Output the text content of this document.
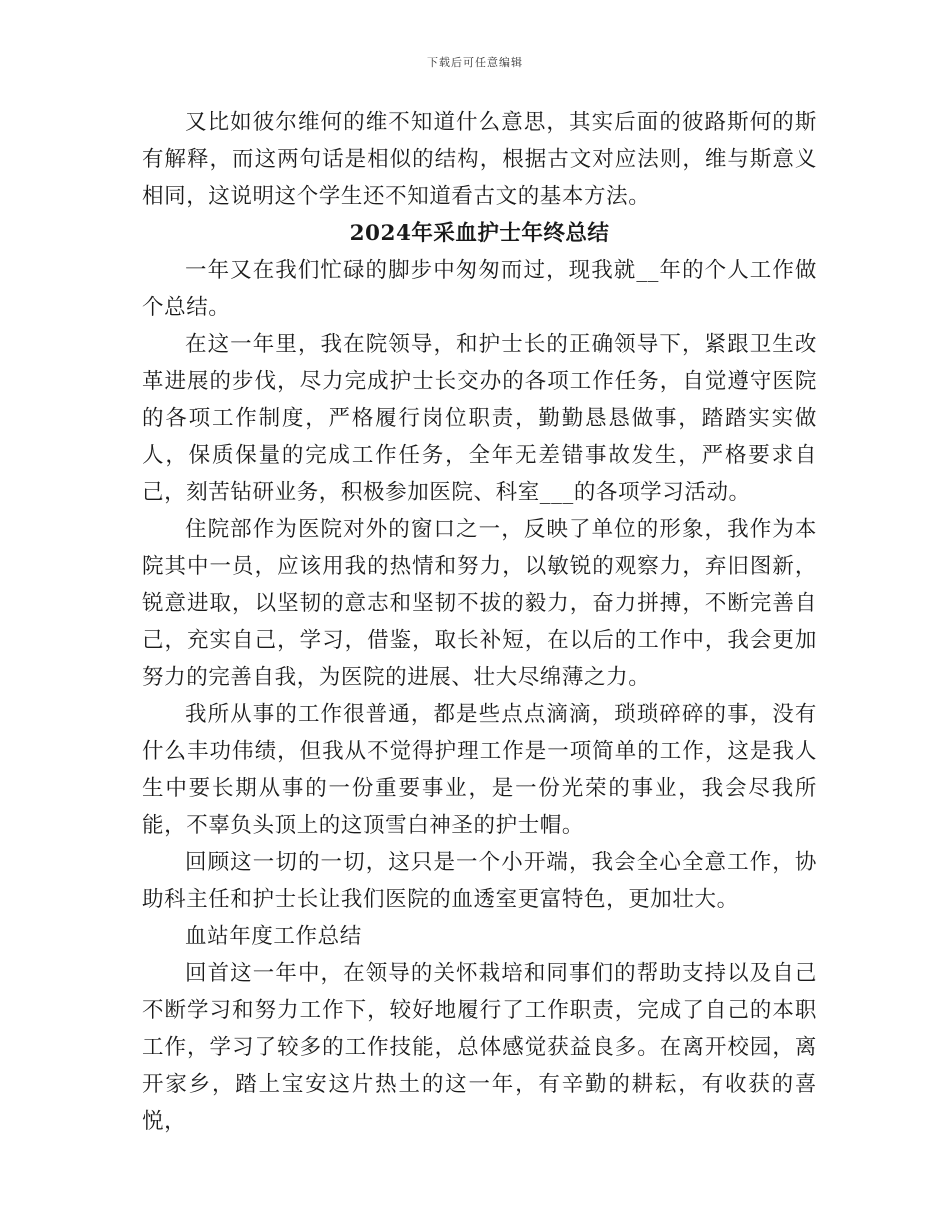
下载后可任意编辑

又比如彼尔维何的维不知道什么意思，其实后面的彼路斯何的斯有解释，而这两句话是相似的结构，根据古文对应法则，维与斯意义相同，这说明这个学生还不知道看古文的基本方法。

2024年采血护士年终总结

一年又在我们忙碌的脚步中匆匆而过，现我就__年的个人工作做个总结。

在这一年里，我在院领导，和护士长的正确领导下，紧跟卫生改革进展的步伐，尽力完成护士长交办的各项工作任务，自觉遵守医院的各项工作制度，严格履行岗位职责，勤勤恳恳做事，踏踏实实做人，保质保量的完成工作任务，全年无差错事故发生，严格要求自己，刻苦钻研业务，积极参加医院、科室___的各项学习活动。

住院部作为医院对外的窗口之一，反映了单位的形象，我作为本院其中一员，应该用我的热情和努力，以敏锐的观察力，弃旧图新，锐意进取，以坚韧的意志和坚韧不拔的毅力，奋力拼搏，不断完善自己，充实自己，学习，借鉴，取长补短，在以后的工作中，我会更加努力的完善自我，为医院的进展、壮大尽绵薄之力。

我所从事的工作很普通，都是些点点滴滴，琐琐碎碎的事，没有什么丰功伟绩，但我从不觉得护理工作是一项简单的工作，这是我人生中要长期从事的一份重要事业，是一份光荣的事业，我会尽我所能，不辜负头顶上的这顶雪白神圣的护士帽。

回顾这一切的一切，这只是一个小开端，我会全心全意工作，协助科主任和护士长让我们医院的血透室更富特色，更加壮大。

血站年度工作总结

回首这一年中，在领导的关怀栽培和同事们的帮助支持以及自己不断学习和努力工作下，较好地履行了工作职责，完成了自己的本职工作，学习了较多的工作技能，总体感觉获益良多。在离开校园，离开家乡，踏上宝安这片热土的这一年，有辛勤的耕耘，有收获的喜悦，
